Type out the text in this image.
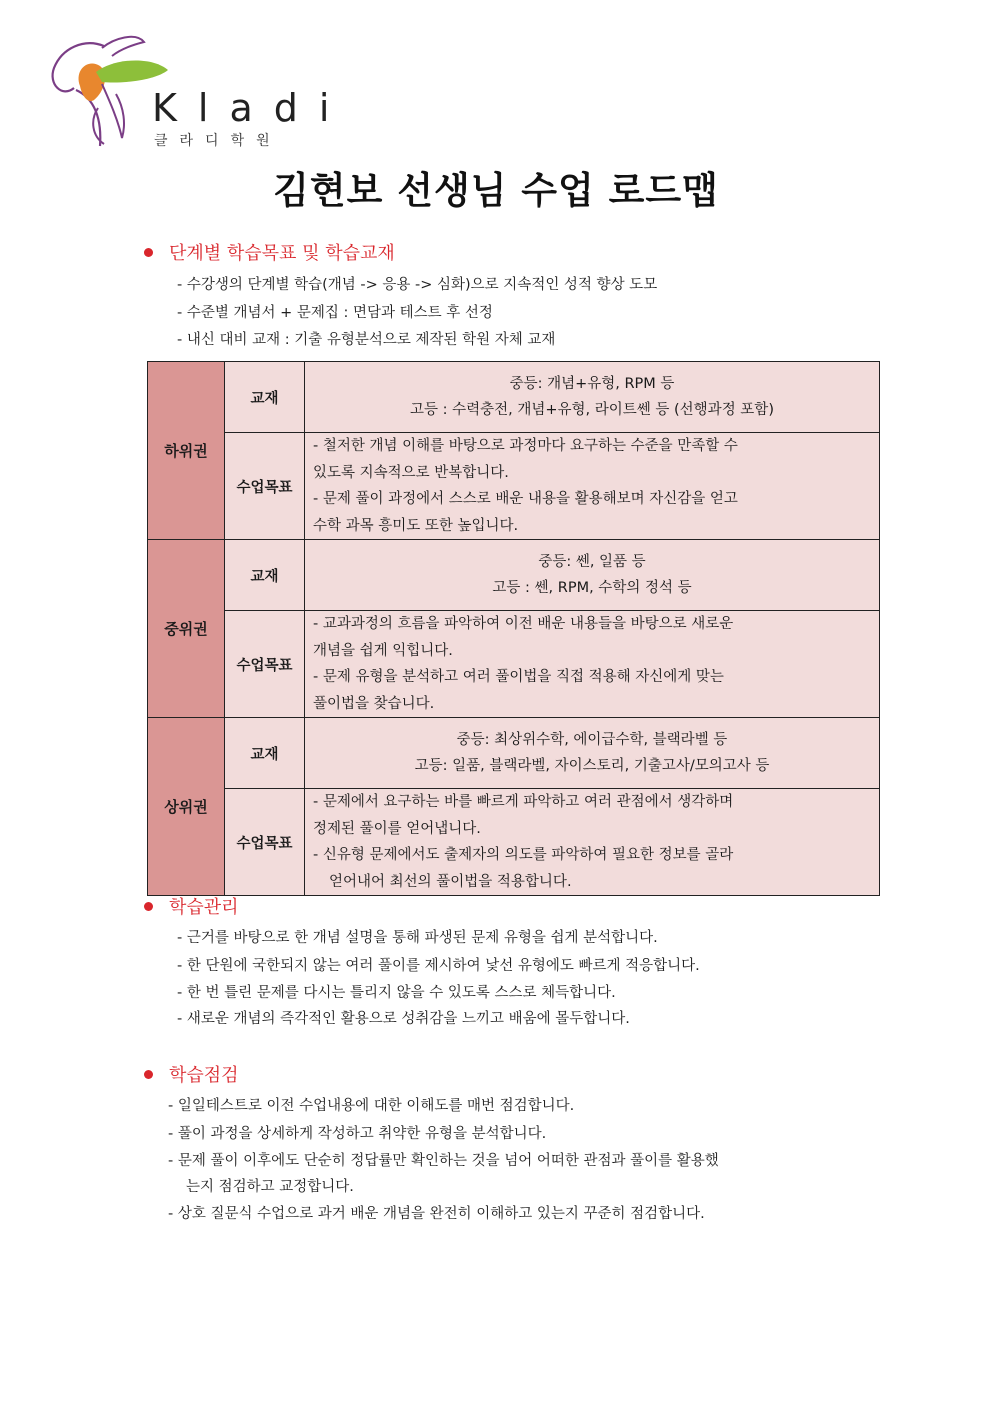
Kladi
클라디학원
김현보 선생님 수업 로드맵
단계별 학습목표 및 학습교재
- 수강생의 단계별 학습(개념 -> 응용 -> 심화)으로 지속적인 성적 향상 도모
- 수준별 개념서 + 문제집 : 면담과 테스트 후 선정
- 내신 대비 교재 : 기출 유형분석으로 제작된 학원 자체 교재
하위권	교재	중등: 개념+유형, RPM 등
고등 : 수력충전, 개념+유형, 라이트쎈 등 (선행과정 포함)

	수업목표	- 철저한 개념 이해를 바탕으로 과정마다 요구하는 수준을 만족할 수
있도록 지속적으로 반복합니다.
- 문제 풀이 과정에서 스스로 배운 내용을 활용해보며 자신감을 얻고
수학 과목 흥미도 또한 높입니다.

중위권	교재	중등: 쎈, 일품 등
고등 : 쎈, RPM, 수학의 정석 등

	수업목표	- 교과과정의 흐름을 파악하여 이전 배운 내용들을 바탕으로 새로운
개념을 쉽게 익힙니다.
- 문제 유형을 분석하고 여러 풀이법을 직접 적용해 자신에게 맞는
풀이법을 찾습니다.

상위권	교재	중등: 최상위수학, 에이급수학, 블랙라벨 등
고등: 일품, 블랙라벨, 자이스토리, 기출고사/모의고사 등

	수업목표	- 문제에서 요구하는 바를 빠르게 파악하고 여러 관점에서 생각하며
정제된 풀이를 얻어냅니다.
- 신유형 문제에서도 출제자의 의도를 파악하여 필요한 정보를 골라
얻어내어 최선의 풀이법을 적용합니다.
학습관리
- 근거를 바탕으로 한 개념 설명을 통해 파생된 문제 유형을 쉽게 분석합니다.
- 한 단원에 국한되지 않는 여러 풀이를 제시하여 낯선 유형에도 빠르게 적응합니다.
- 한 번 틀린 문제를 다시는 틀리지 않을 수 있도록 스스로 체득합니다.
- 새로운 개념의 즉각적인 활용으로 성취감을 느끼고 배움에 몰두합니다.
학습점검
- 일일테스트로 이전 수업내용에 대한 이해도를 매번 점검합니다.
- 풀이 과정을 상세하게 작성하고 취약한 유형을 분석합니다.
- 문제 풀이 이후에도 단순히 정답률만 확인하는 것을 넘어 어떠한 관점과 풀이를 활용했
는지 점검하고 교정합니다.
- 상호 질문식 수업으로 과거 배운 개념을 완전히 이해하고 있는지 꾸준히 점검합니다.
